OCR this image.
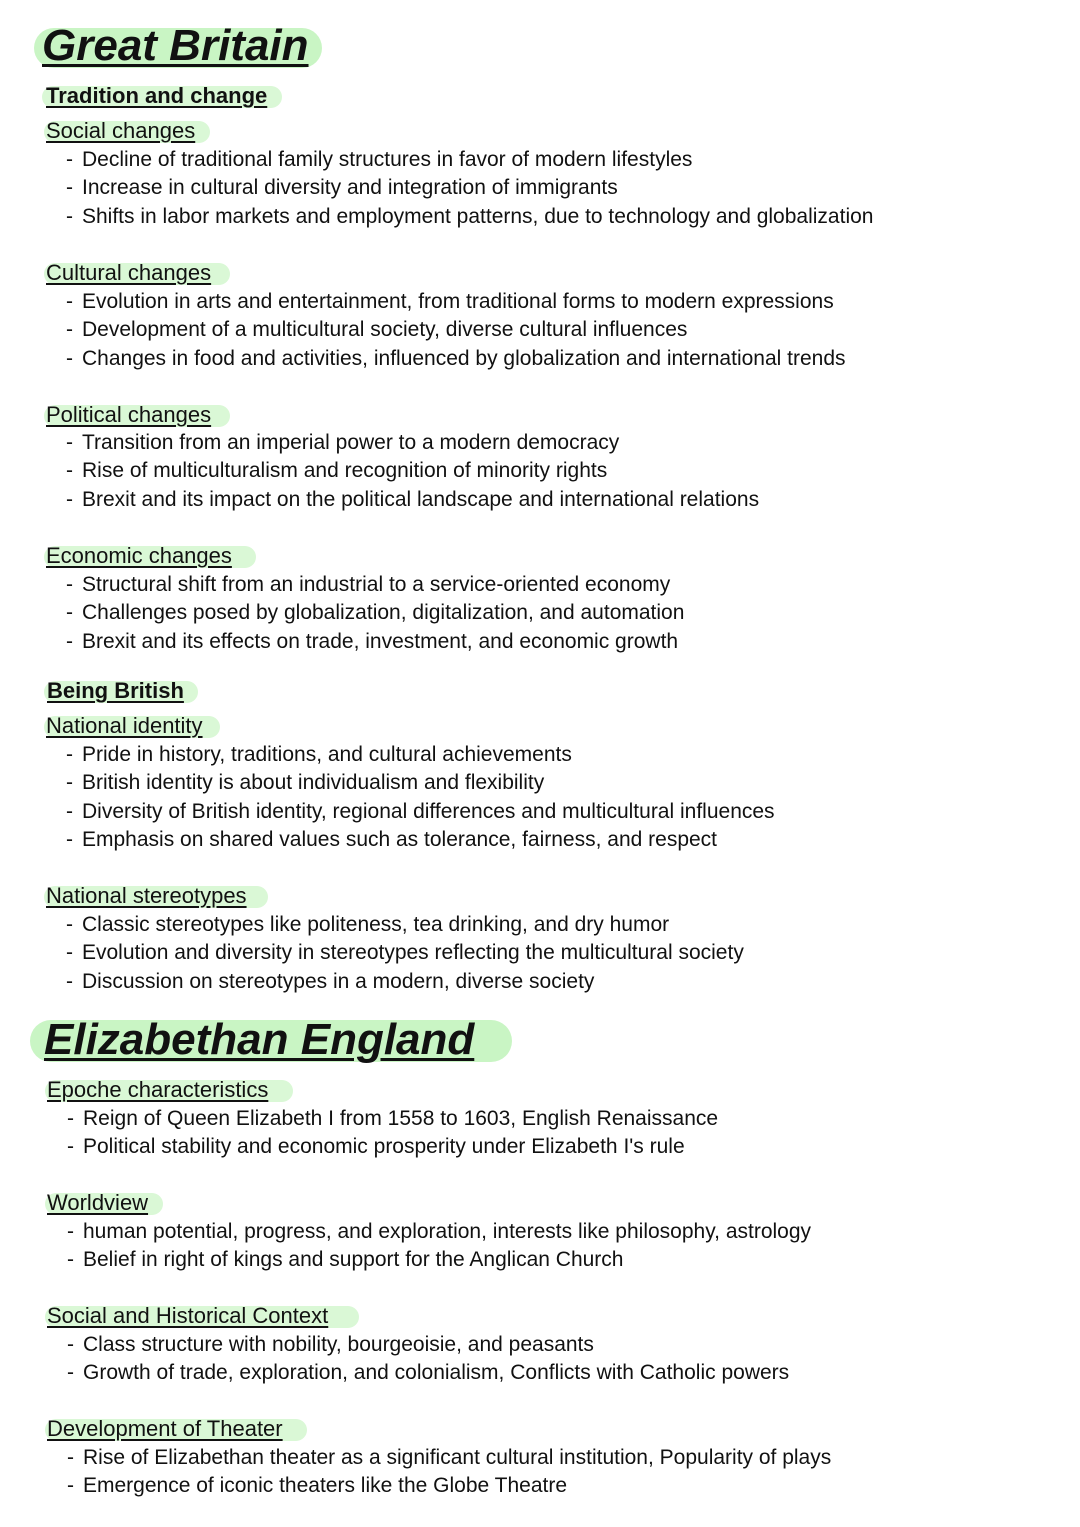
Great Britain
Tradition and change
Social changes
- Decline of traditional family structures in favor of modern lifestyles
- Increase in cultural diversity and integration of immigrants
- Shifts in labor markets and employment patterns, due to technology and globalization
Cultural changes
- Evolution in arts and entertainment, from traditional forms to modern expressions
- Development of a multicultural society, diverse cultural influences
- Changes in food and activities, influenced by globalization and international trends
Political changes
- Transition from an imperial power to a modern democracy
- Rise of multiculturalism and recognition of minority rights
- Brexit and its impact on the political landscape and international relations
Economic changes
- Structural shift from an industrial to a service-oriented economy
- Challenges posed by globalization, digitalization, and automation
- Brexit and its effects on trade, investment, and economic growth
Being British
National identity
- Pride in history, traditions, and cultural achievements
- British identity is about individualism and flexibility
- Diversity of British identity, regional differences and multicultural influences
- Emphasis on shared values such as tolerance, fairness, and respect
National stereotypes
- Classic stereotypes like politeness, tea drinking, and dry humor
- Evolution and diversity in stereotypes reflecting the multicultural society
- Discussion on stereotypes in a modern, diverse society
Elizabethan England
Epoche characteristics
- Reign of Queen Elizabeth I from 1558 to 1603, English Renaissance
- Political stability and economic prosperity under Elizabeth I's rule
Worldview
- human potential, progress, and exploration, interests like philosophy, astrology
- Belief in right of kings and support for the Anglican Church
Social and Historical Context
- Class structure with nobility, bourgeoisie, and peasants
- Growth of trade, exploration, and colonialism, Conflicts with Catholic powers
Development of Theater
- Rise of Elizabethan theater as a significant cultural institution, Popularity of plays
- Emergence of iconic theaters like the Globe Theatre
